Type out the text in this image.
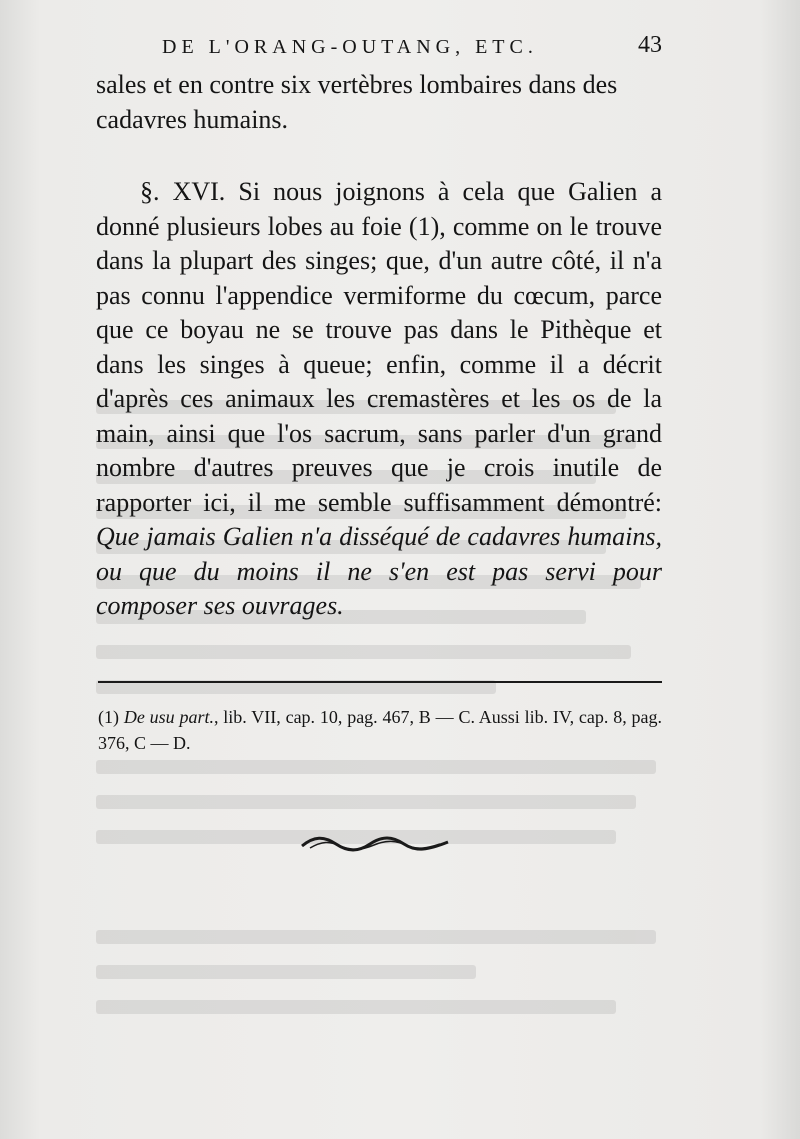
DE L'ORANG-OUTANG, ETC.	43

sales et en contre six vertèbres lombaires dans des cadavres humains.

§. XVI. Si nous joignons à cela que Galien a donné plusieurs lobes au foie (1), comme on le trouve dans la plupart des singes; que, d'un autre côté, il n'a pas connu l'appendice vermiforme du cœcum, parce que ce boyau ne se trouve pas dans le Pithèque et dans les singes à queue; enfin, comme il a décrit d'après ces animaux les cremastères et les os de la main, ainsi que l'os sacrum, sans parler d'un grand nombre d'autres preuves que je crois inutile de rapporter ici, il me semble suffisamment démontré: Que jamais Galien n'a disséqué de cadavres humains, ou que du moins il ne s'en est pas servi pour composer ses ouvrages.

(1) De usu part., lib. VII, cap. 10, pag. 467, B — C. Aussi lib. IV, cap. 8, pag. 376, C — D.
